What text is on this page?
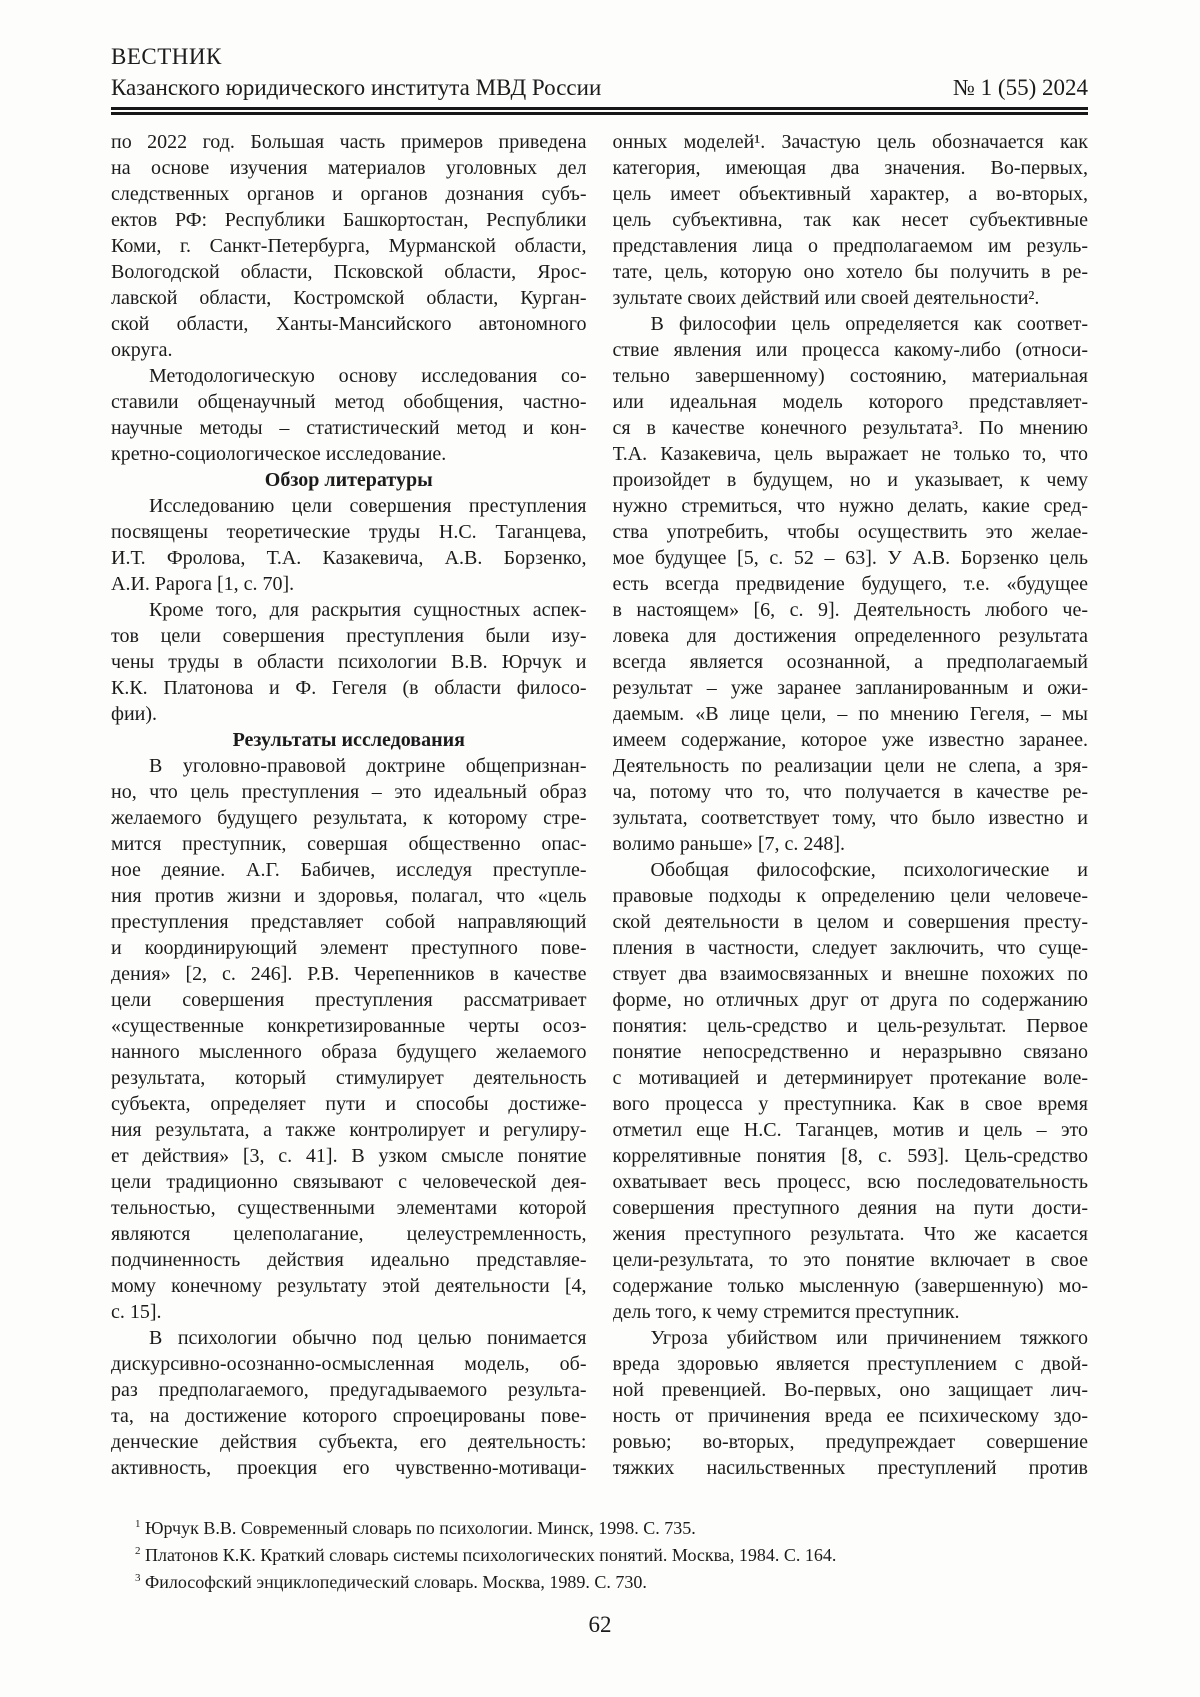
ВЕСТНИК
Казанского юридического института МВД России	№ 1 (55) 2024
по 2022 год. Большая часть примеров приведена
на основе изучения материалов уголовных дел
следственных органов и органов дознания субъ-
ектов РФ: Республики Башкортостан, Республики
Коми, г. Санкт-Петербурга, Мурманской области,
Вологодской области, Псковской области, Ярос-
лавской области, Костромской области, Курган-
ской области, Ханты-Мансийского автономного
округа.
Методологическую основу исследования со-
ставили общенаучный метод обобщения, частно-
научные методы – статистический метод и кон-
кретно-социологическое исследование.
Обзор литературы
Исследованию цели совершения преступления
посвящены теоретические труды Н.С. Таганцева,
И.Т. Фролова, Т.А. Казакевича, А.В. Борзенко,
А.И. Рарога [1, с. 70].
Кроме того, для раскрытия сущностных аспек-
тов цели совершения преступления были изу-
чены труды в области психологии В.В. Юрчук и
К.К. Платонова и Ф. Гегеля (в области филосо-
фии).
Результаты исследования
В уголовно-правовой доктрине общепризнан-
но, что цель преступления – это идеальный образ
желаемого будущего результата, к которому стре-
мится преступник, совершая общественно опас-
ное деяние. А.Г. Бабичев, исследуя преступле-
ния против жизни и здоровья, полагал, что «цель
преступления представляет собой направляющий
и координирующий элемент преступного пове-
дения» [2, с. 246]. Р.В. Черепенников в качестве
цели совершения преступления рассматривает
«существенные конкретизированные черты осоз-
нанного мысленного образа будущего желаемого
результата, который стимулирует деятельность
субъекта, определяет пути и способы достиже-
ния результата, а также контролирует и регулиру-
ет действия» [3, с. 41]. В узком смысле понятие
цели традиционно связывают с человеческой дея-
тельностью, существенными элементами которой
являются целеполагание, целеустремленность,
подчиненность действия идеально представляе-
мому конечному результату этой деятельности [4,
с. 15].
В психологии обычно под целью понимается
дискурсивно-осознанно-осмысленная модель, об-
раз предполагаемого, предугадываемого результа-
та, на достижение которого спроецированы пове-
денческие действия субъекта, его деятельность:
активность, проекция его чувственно-мотиваци-
онных моделей¹. Зачастую цель обозначается как
категория, имеющая два значения. Во-первых,
цель имеет объективный характер, а во-вторых,
цель субъективна, так как несет субъективные
представления лица о предполагаемом им резуль-
тате, цель, которую оно хотело бы получить в ре-
зультате своих действий или своей деятельности².
В философии цель определяется как соответ-
ствие явления или процесса какому-либо (относи-
тельно завершенному) состоянию, материальная
или идеальная модель которого представляет-
ся в качестве конечного результата³. По мнению
Т.А. Казакевича, цель выражает не только то, что
произойдет в будущем, но и указывает, к чему
нужно стремиться, что нужно делать, какие сред-
ства употребить, чтобы осуществить это желае-
мое будущее [5, с. 52 – 63]. У А.В. Борзенко цель
есть всегда предвидение будущего, т.е. «будущее
в настоящем» [6, с. 9]. Деятельность любого че-
ловека для достижения определенного результата
всегда является осознанной, а предполагаемый
результат – уже заранее запланированным и ожи-
даемым. «В лице цели, – по мнению Гегеля, – мы
имеем содержание, которое уже известно заранее.
Деятельность по реализации цели не слепа, а зря-
ча, потому что то, что получается в качестве ре-
зультата, соответствует тому, что было известно и
волимо раньше» [7, с. 248].
Обобщая философские, психологические и
правовые подходы к определению цели человече-
ской деятельности в целом и совершения престу-
пления в частности, следует заключить, что суще-
ствует два взаимосвязанных и внешне похожих по
форме, но отличных друг от друга по содержанию
понятия: цель-средство и цель-результат. Первое
понятие непосредственно и неразрывно связано
с мотивацией и детерминирует протекание воле-
вого процесса у преступника. Как в свое время
отметил еще Н.С. Таганцев, мотив и цель – это
коррелятивные понятия [8, с. 593]. Цель-средство
охватывает весь процесс, всю последовательность
совершения преступного деяния на пути дости-
жения преступного результата. Что же касается
цели-результата, то это понятие включает в свое
содержание только мысленную (завершенную) мо-
дель того, к чему стремится преступник.
Угроза убийством или причинением тяжкого
вреда здоровью является преступлением с двой-
ной превенцией. Во-первых, оно защищает лич-
ность от причинения вреда ее психическому здо-
ровью; во-вторых, предупреждает совершение
тяжких насильственных преступлений против
$^1$ Юрчук В.В. Современный словарь по психологии. Минск, 1998. С. 735.
$^2$ Платонов К.К. Краткий словарь системы психологических понятий. Москва, 1984. С. 164.
$^3$ Философский энциклопедический словарь. Москва, 1989. С. 730.
62
